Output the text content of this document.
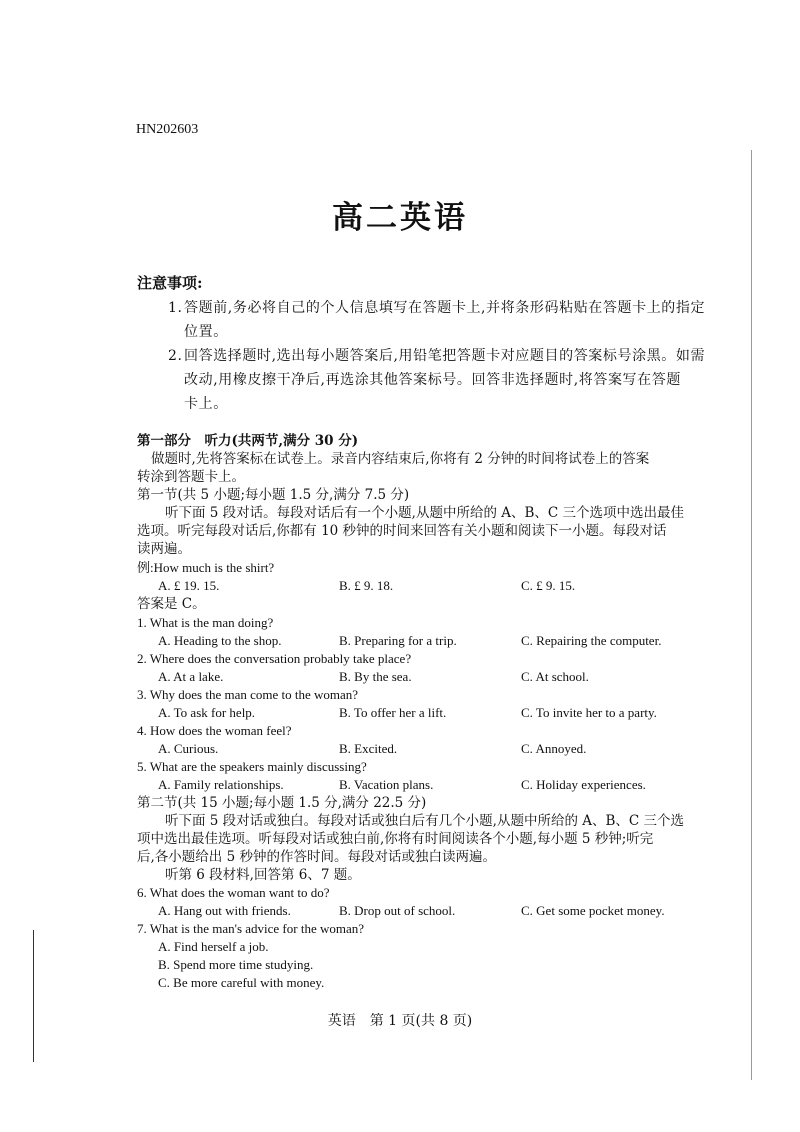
HN202603
高二英语
注意事项:
1.答题前,务必将自己的个人信息填写在答题卡上,并将条形码粘贴在答题卡上的指定
位置。
2.回答选择题时,选出每小题答案后,用铅笔把答题卡对应题目的答案标号涂黑。如需
改动,用橡皮擦干净后,再选涂其他答案标号。回答非选择题时,将答案写在答题
卡上。
第一部分　听力(共两节,满分 30 分)
做题时,先将答案标在试卷上。录音内容结束后,你将有 2 分钟的时间将试卷上的答案
转涂到答题卡上。
第一节(共 5 小题;每小题 1.5 分,满分 7.5 分)
听下面 5 段对话。每段对话后有一个小题,从题中所给的 A、B、C 三个选项中选出最佳
选项。听完每段对话后,你都有 10 秒钟的时间来回答有关小题和阅读下一小题。每段对话
读两遍。
例:How much is the shirt?
A. £ 19. 15.	B. £ 9. 18.	C. £ 9. 15.
答案是 C。
1. What is the man doing?
A. Heading to the shop.	B. Preparing for a trip.	C. Repairing the computer.
2. Where does the conversation probably take place?
A. At a lake.	B. By the sea.	C. At school.
3. Why does the man come to the woman?
A. To ask for help.	B. To offer her a lift.	C. To invite her to a party.
4. How does the woman feel?
A. Curious.	B. Excited.	C. Annoyed.
5. What are the speakers mainly discussing?
A. Family relationships.	B. Vacation plans.	C. Holiday experiences.
第二节(共 15 小题;每小题 1.5 分,满分 22.5 分)
听下面 5 段对话或独白。每段对话或独白后有几个小题,从题中所给的 A、B、C 三个选
项中选出最佳选项。听每段对话或独白前,你将有时间阅读各个小题,每小题 5 秒钟;听完
后,各小题给出 5 秒钟的作答时间。每段对话或独白读两遍。
听第 6 段材料,回答第 6、7 题。
6. What does the woman want to do?
A. Hang out with friends.	B. Drop out of school.	C. Get some pocket money.
7. What is the man's advice for the woman?
A. Find herself a job.
B. Spend more time studying.
C. Be more careful with money.
英语　第 1 页(共 8 页)
